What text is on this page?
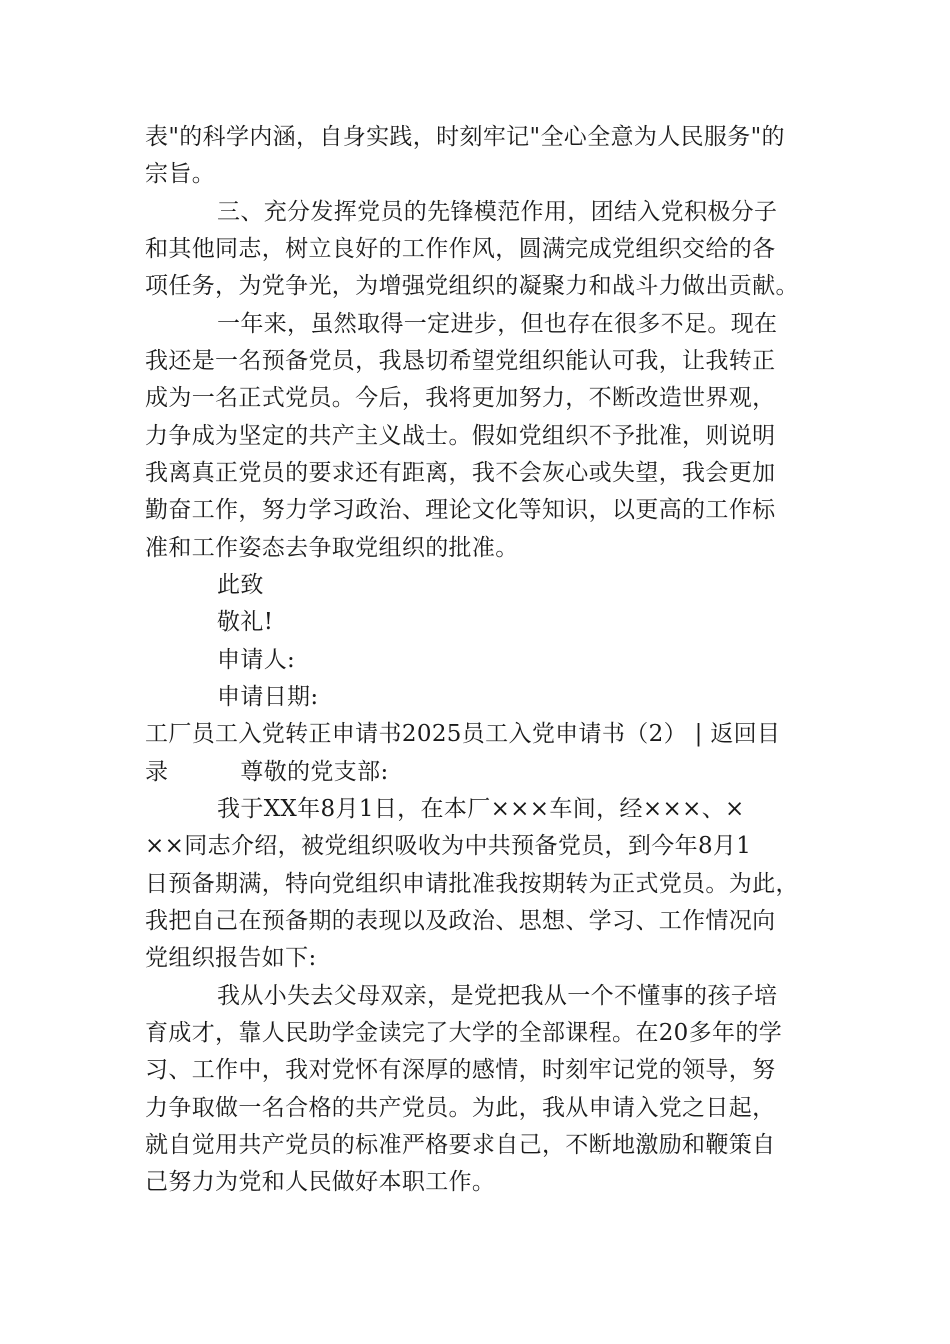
表"的科学内涵，自身实践，时刻牢记"全心全意为人民服务"的
宗旨。
三、充分发挥党员的先锋模范作用，团结入党积极分子
和其他同志，树立良好的工作作风，圆满完成党组织交给的各
项任务，为党争光，为增强党组织的凝聚力和战斗力做出贡献。
一年来，虽然取得一定进步，但也存在很多不足。现在
我还是一名预备党员，我恳切希望党组织能认可我，让我转正
成为一名正式党员。今后，我将更加努力，不断改造世界观，
力争成为坚定的共产主义战士。假如党组织不予批准，则说明
我离真正党员的要求还有距离，我不会灰心或失望，我会更加
勤奋工作，努力学习政治、理论文化等知识，以更高的工作标
准和工作姿态去争取党组织的批准。
此致
敬礼!
申请人:
申请日期:
工厂员工入党转正申请书2025员工入党申请书（2） | 返回目
录	尊敬的党支部:
我于XX年8月1日，在本厂×××车间，经×××、×
××同志介绍，被党组织吸收为中共预备党员，到今年8月1
日预备期满，特向党组织申请批准我按期转为正式党员。为此，
我把自己在预备期的表现以及政治、思想、学习、工作情况向
党组织报告如下:
我从小失去父母双亲，是党把我从一个不懂事的孩子培
育成才，靠人民助学金读完了大学的全部课程。在20多年的学
习、工作中，我对党怀有深厚的感情，时刻牢记党的领导，努
力争取做一名合格的共产党员。为此，我从申请入党之日起，
就自觉用共产党员的标准严格要求自己，不断地激励和鞭策自
己努力为党和人民做好本职工作。
